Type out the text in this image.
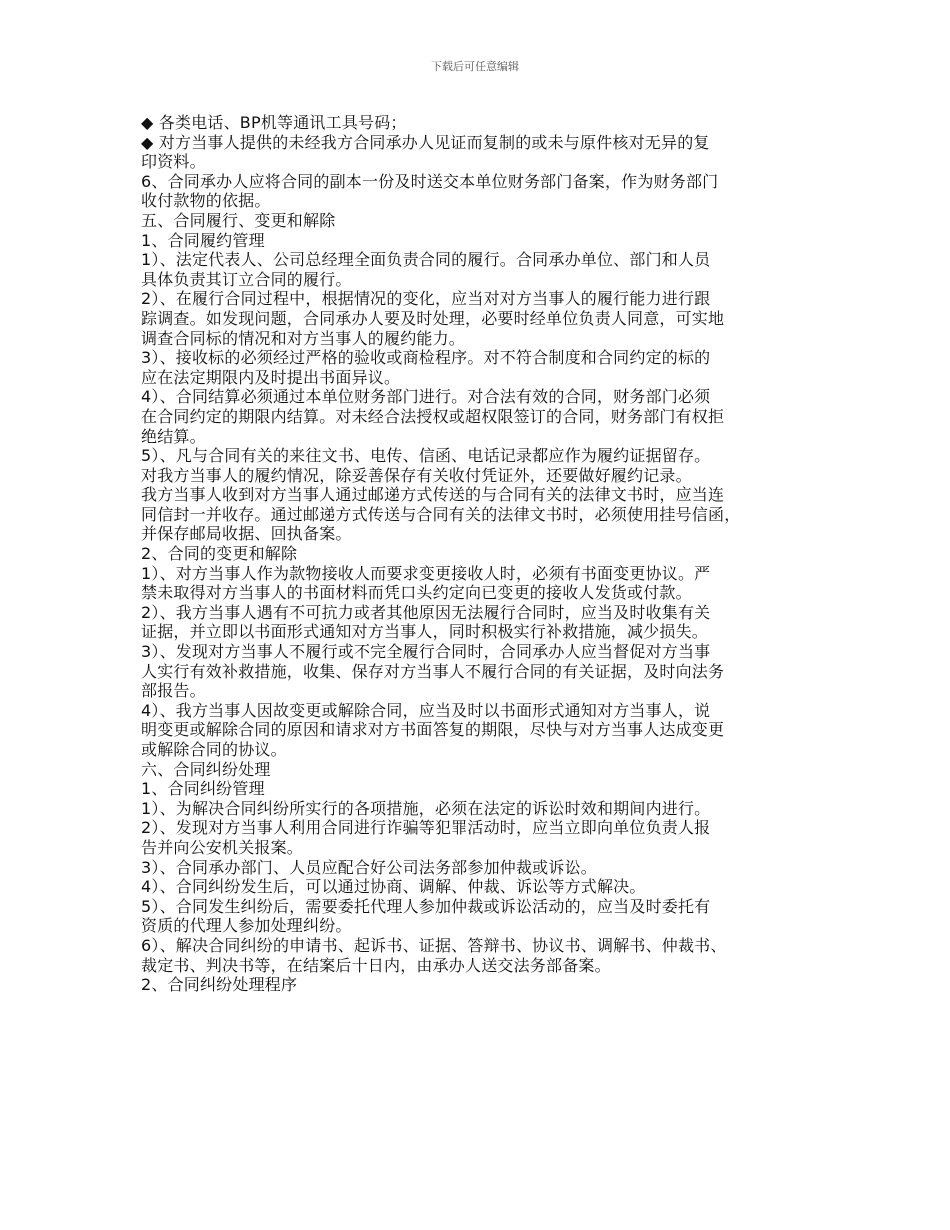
下载后可任意编辑

◆ 各类电话、BP机等通讯工具号码；

◆ 对方当事人提供的未经我方合同承办人见证而复制的或未与原件核对无异的复

印资料。

6、合同承办人应将合同的副本一份及时送交本单位财务部门备案，作为财务部门

收付款物的依据。

五、合同履行、变更和解除

1、合同履约管理

1）、法定代表人、公司总经理全面负责合同的履行。合同承办单位、部门和人员

具体负责其订立合同的履行。

2）、在履行合同过程中，根据情况的变化，应当对对方当事人的履行能力进行跟

踪调查。如发现问题，合同承办人要及时处理，必要时经单位负责人同意，可实地

调查合同标的情况和对方当事人的履约能力。

3）、接收标的必须经过严格的验收或商检程序。对不符合制度和合同约定的标的

应在法定期限内及时提出书面异议。

4）、合同结算必须通过本单位财务部门进行。对合法有效的合同，财务部门必须

在合同约定的期限内结算。对未经合法授权或超权限签订的合同，财务部门有权拒

绝结算。

5）、凡与合同有关的来往文书、电传、信函、电话记录都应作为履约证据留存。

对我方当事人的履约情况，除妥善保存有关收付凭证外，还要做好履约记录。

我方当事人收到对方当事人通过邮递方式传送的与合同有关的法律文书时，应当连

同信封一并收存。通过邮递方式传送与合同有关的法律文书时，必须使用挂号信函，

并保存邮局收据、回执备案。

2、合同的变更和解除

1）、对方当事人作为款物接收人而要求变更接收人时，必须有书面变更协议。严

禁未取得对方当事人的书面材料而凭口头约定向已变更的接收人发货或付款。

2）、我方当事人遇有不可抗力或者其他原因无法履行合同时，应当及时收集有关

证据，并立即以书面形式通知对方当事人，同时积极实行补救措施，减少损失。

3）、发现对方当事人不履行或不完全履行合同时，合同承办人应当督促对方当事

人实行有效补救措施，收集、保存对方当事人不履行合同的有关证据，及时向法务

部报告。

4）、我方当事人因故变更或解除合同，应当及时以书面形式通知对方当事人，说

明变更或解除合同的原因和请求对方书面答复的期限，尽快与对方当事人达成变更

或解除合同的协议。

六、合同纠纷处理

1、合同纠纷管理

1）、为解决合同纠纷所实行的各项措施，必须在法定的诉讼时效和期间内进行。

2）、发现对方当事人利用合同进行诈骗等犯罪活动时，应当立即向单位负责人报

告并向公安机关报案。

3）、合同承办部门、人员应配合好公司法务部参加仲裁或诉讼。

4）、合同纠纷发生后，可以通过协商、调解、仲裁、诉讼等方式解决。

5）、合同发生纠纷后，需要委托代理人参加仲裁或诉讼活动的，应当及时委托有

资质的代理人参加处理纠纷。

6）、解决合同纠纷的申请书、起诉书、证据、答辩书、协议书、调解书、仲裁书、

裁定书、判决书等，在结案后十日内，由承办人送交法务部备案。

2、合同纠纷处理程序
